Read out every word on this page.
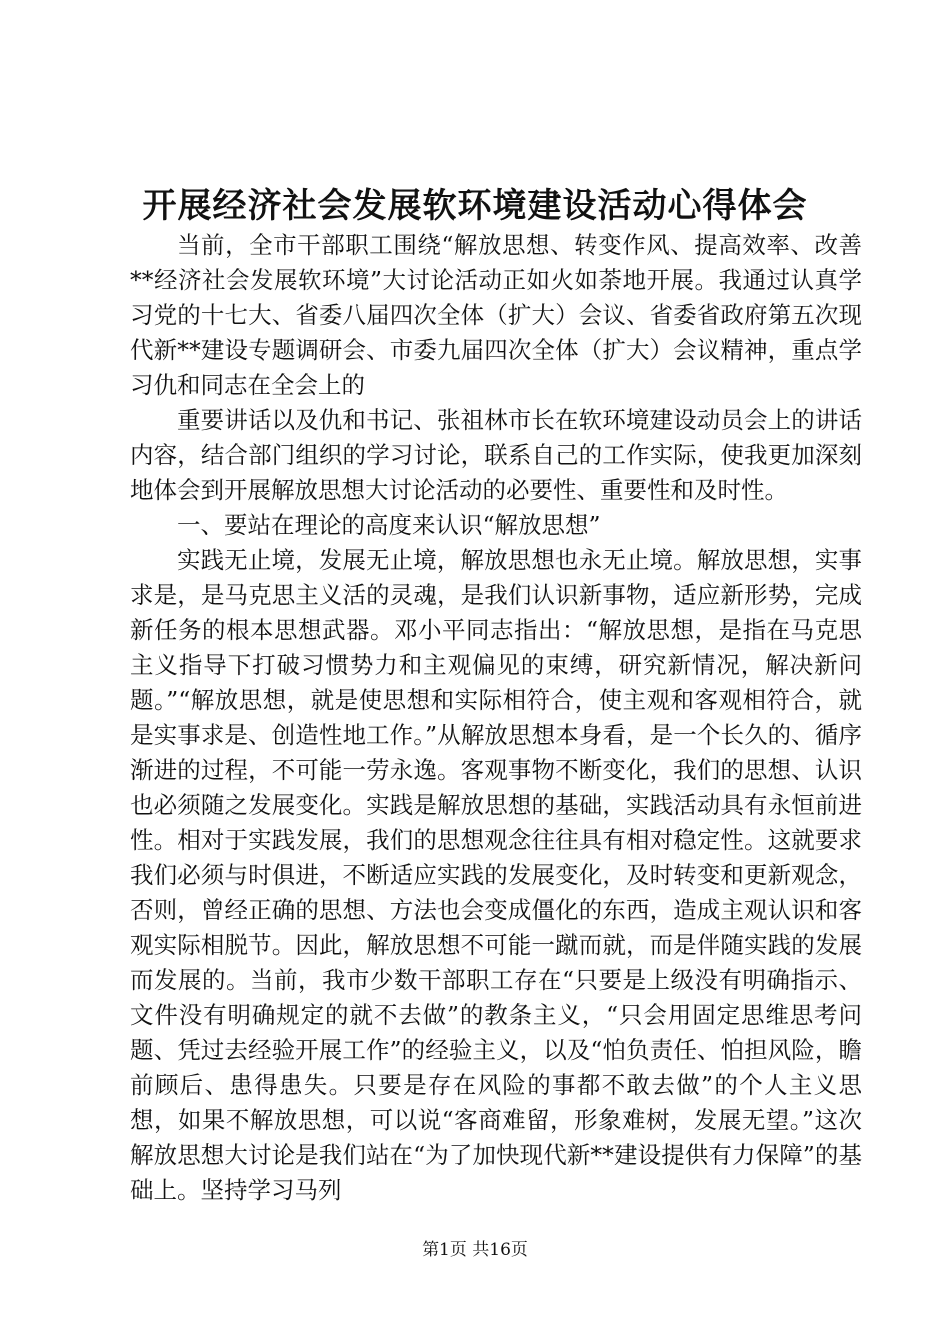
开展经济社会发展软环境建设活动心得体会

当前，全市干部职工围绕“解放思想、转变作风、提高效率、改善**经济社会发展软环境”大讨论活动正如火如荼地开展。我通过认真学习党的十七大、省委八届四次全体（扩大）会议、省委省政府第五次现代新**建设专题调研会、市委九届四次全体（扩大）会议精神，重点学习仇和同志在全会上的

重要讲话以及仇和书记、张祖林市长在软环境建设动员会上的讲话内容，结合部门组织的学习讨论，联系自己的工作实际，使我更加深刻地体会到开展解放思想大讨论活动的必要性、重要性和及时性。

一、要站在理论的高度来认识“解放思想”

实践无止境，发展无止境，解放思想也永无止境。解放思想，实事求是，是马克思主义活的灵魂，是我们认识新事物，适应新形势，完成新任务的根本思想武器。邓小平同志指出：“解放思想，是指在马克思主义指导下打破习惯势力和主观偏见的束缚，研究新情况，解决新问题。”“解放思想，就是使思想和实际相符合，使主观和客观相符合，就是实事求是、创造性地工作。”从解放思想本身看，是一个长久的、循序渐进的过程，不可能一劳永逸。客观事物不断变化，我们的思想、认识也必须随之发展变化。实践是解放思想的基础，实践活动具有永恒前进性。相对于实践发展，我们的思想观念往往具有相对稳定性。这就要求我们必须与时俱进，不断适应实践的发展变化，及时转变和更新观念，否则，曾经正确的思想、方法也会变成僵化的东西，造成主观认识和客观实际相脱节。因此，解放思想不可能一蹴而就，而是伴随实践的发展而发展的。当前，我市少数干部职工存在“只要是上级没有明确指示、文件没有明确规定的就不去做”的教条主义，“只会用固定思维思考问题、凭过去经验开展工作”的经验主义，以及“怕负责任、怕担风险，瞻前顾后、患得患失。只要是存在风险的事都不敢去做”的个人主义思想，如果不解放思想，可以说“客商难留，形象难树，发展无望。”这次解放思想大讨论是我们站在“为了加快现代新**建设提供有力保障”的基础上。坚持学习马列

第1页 共16页
